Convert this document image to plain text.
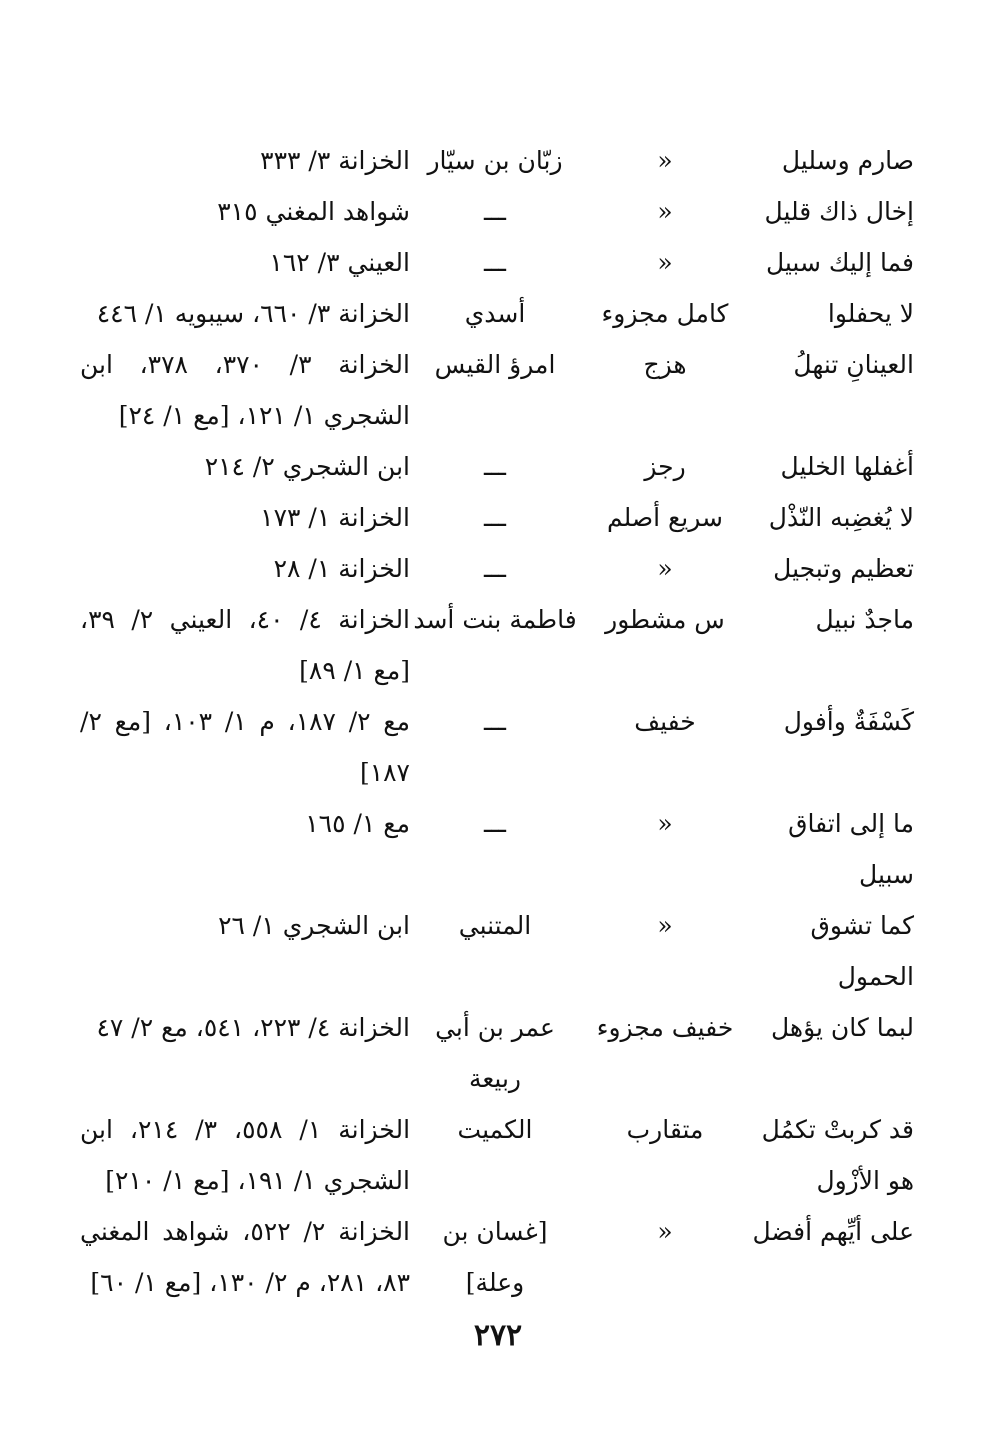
صارم وسليل
«
زبّان بن سيّار
الخزانة ٣/ ٣٣٣
إخال ذاك قليل
«
ـــ
شواهد المغني ٣١٥
فما إليك سبيل
«
ـــ
العيني ٣/ ١٦٢
لا يحفلوا
كامل مجزوء
أسدي
الخزانة ٣/ ٦٦٠، سيبويه ١/ ٤٤٦
العينانِ تنهلُ
هزج
امرؤ القيس
الخزانة ٣/ ٣٧٠، ٣٧٨، ابن الشجري ١/ ١٢١، [مع ١/ ٢٤]
أغفلها الخليل
رجز
ـــ
ابن الشجري ٢/ ٢١٤
لا يُغضِبه النّذْل
سريع أصلم
ـــ
الخزانة ١/ ١٧٣
تعظيم وتبجيل
«
ـــ
الخزانة ١/ ٢٨
ماجدٌ نبيل
س مشطور
فاطمة بنت أسد
الخزانة ٤/ ٤٠، العيني ٢/ ٣٩، [مع ١/ ٨٩]
كَسْفَةٌ وأفول
خفيف
ـــ
مع ٢/ ١٨٧، م ١/ ١٠٣، [مع ٢/ ١٨٧]
ما إلى اتفاق سبيل
«
ـــ
مع ١/ ١٦٥
كما تشوق الحمول
«
المتنبي
ابن الشجري ١/ ٢٦
لبما كان يؤهل
خفيف مجزوء
عمر بن أبي ربيعة
الخزانة ٤/ ٢٢٣، ٥٤١، مع ٢/ ٤٧
قد كربتْ تكمُل هو الأزْول
متقارب
الكميت
الخزانة ١/ ٥٥٨، ٣/ ٢١٤، ابن الشجري ١/ ١٩١، [مع ١/ ٢١٠]
على أيِّهم أفضل
«
[غسان بن وعلة]
الخزانة ٢/ ٥٢٢، شواهد المغني ٨٣، ٢٨١، م ٢/ ١٣٠، [مع ١/ ٦٠]
٢٧٢
